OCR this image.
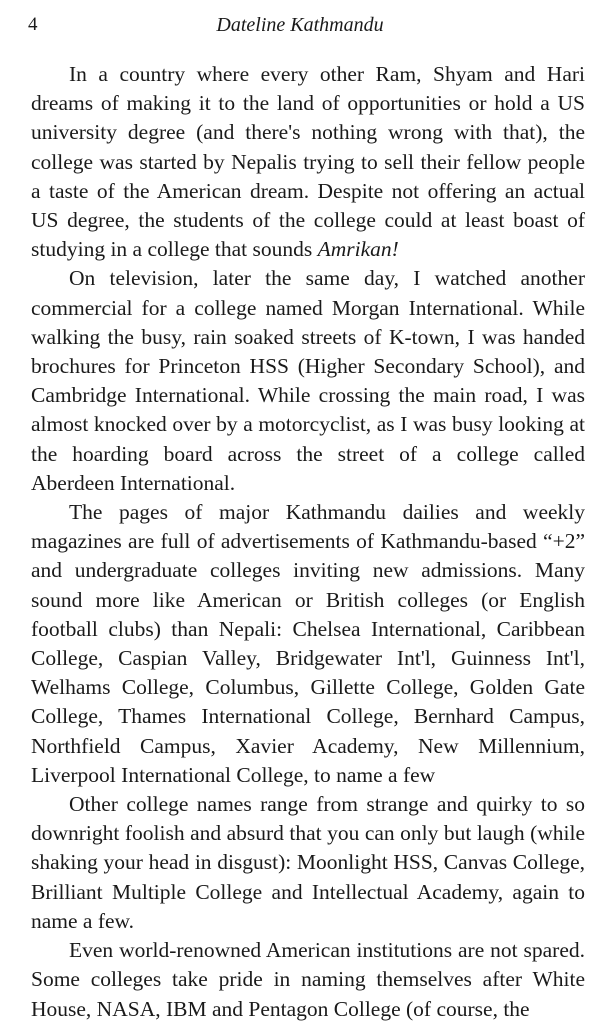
4	Dateline Kathmandu

In a country where every other Ram, Shyam and Hari dreams of making it to the land of opportunities or hold a US university degree (and there's nothing wrong with that), the college was started by Nepalis trying to sell their fellow people a taste of the American dream. Despite not offering an actual US degree, the students of the college could at least boast of studying in a college that sounds Amrikan!

On television, later the same day, I watched another commercial for a college named Morgan International. While walking the busy, rain soaked streets of K-town, I was handed brochures for Princeton HSS (Higher Secondary School), and Cambridge International. While crossing the main road, I was almost knocked over by a motorcyclist, as I was busy looking at the hoarding board across the street of a college called Aberdeen International.

The pages of major Kathmandu dailies and weekly magazines are full of advertisements of Kathmandu-based “+2” and undergraduate colleges inviting new admissions. Many sound more like American or British colleges (or English football clubs) than Nepali: Chelsea International, Caribbean College, Caspian Valley, Bridgewater Int'l, Guinness Int'l, Welhams College, Columbus, Gillette College, Golden Gate College, Thames International College, Bernhard Campus, Northfield Campus, Xavier Academy, New Millennium, Liverpool International College, to name a few

Other college names range from strange and quirky to so downright foolish and absurd that you can only but laugh (while shaking your head in disgust): Moonlight HSS, Canvas College, Brilliant Multiple College and Intellectual Academy, again to name a few.

Even world-renowned American institutions are not spared. Some colleges take pride in naming themselves after White House, NASA, IBM and Pentagon College (of course, the
